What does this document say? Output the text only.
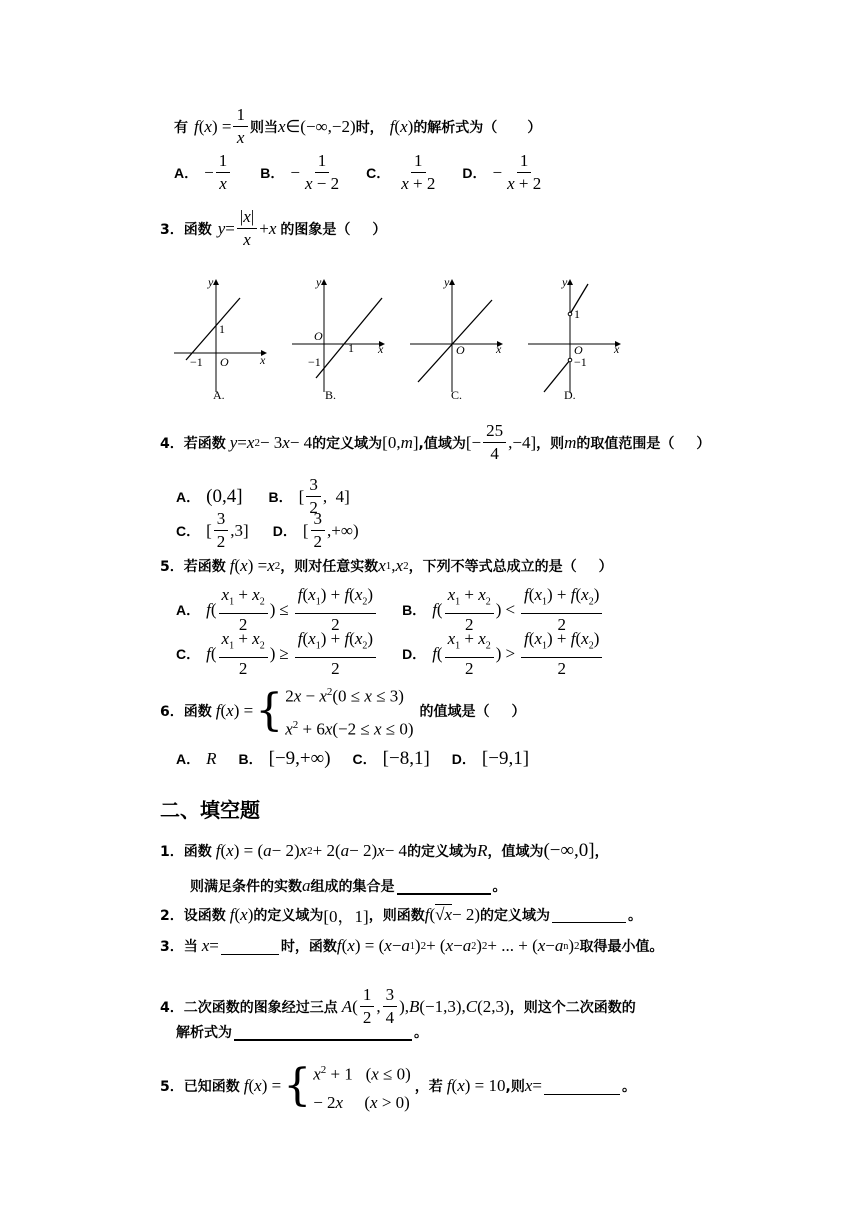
有 f ( x ) = $\frac{1}{x}$ 则当 x ∈(−∞,−2) 时， f ( x ) 的解析式为（ ）
A． − $\frac{1}{x}$ B． − $\frac{1}{x - 2}$ C． $\frac{1}{x + 2}$ D． − $\frac{1}{x + 2}$
3． 函数 $y = \frac{|x|}{x} + x$ 的图象是（ ）
y
x
1
−1 O
A.
y
x
O
1
−1
B.
y
x
O
C.
y
x
1
O
−1
D.
4． 若函数 y = x 2 − 3 x − 4 的定义域为 [0, m ] ,值域为 [− $\frac{25}{4} ,-4$] ，则 m 的取值范围是（ ）
A． (0,4] B． [ $\frac{3}{2}$ ,  4]
C． [ $\frac{3}{2} ,3$] D． [ $\frac{3}{2}$ ,+∞)
5． 若函数 f ( x ) = x 2 ，则对任意实数 x 1 , x 2 ，下列不等式总成立的是（ ）
A． f ( $\frac{x_1 + x_2}{2}$ ) ≤ $\frac{f(x_1) + f(x_2)}{2}$ B． f ( $\frac{x_1 + x_2}{2}$ ) < $\frac{f(x_1) + f(x_2)}{2}$
C． f ( $\frac{x_1 + x_2}{2}$ ) ≥ $\frac{f(x_1) + f(x_2)}{2}$ D． f ( $\frac{x_1 + x_2}{2}$ ) > $\frac{f(x_1) + f(x_2)}{2}$
6． 函数 f ( x ) = { $2x - x^2(0 \le x \le 3)$
$x^2 + 6x(-2 \le x \le 0)$
的值域是（ ）
A． R B． [−9,+∞) C． [−8,1] D． [−9,1]
二、填空题
1． 函数 f ( x ) = ( a − 2) x 2 + 2( a − 2) x − 4 的定义域为 R ，值域为 (−∞,0] ，
则满足条件的实数 a 组成的集合是	。
2． 设函数 f ( x ) 的定义域为 [0，1] ，则函数 f ( √x − 2) 的定义域为	。
3． 当 x =	时，函数 f ( x ) = ( x − a 1 ) 2 + ( x − a 2 ) 2 + ... + ( x − a n ) 2 取得最小值。
4． 二次函数的图象经过三点 A ( $\frac{1}{2}$ , $\frac{3}{4}$ ), B (−1,3), C (2,3) ，则这个二次函数的
解析式为	。
5． 已知函数 f ( x ) = { $x^2 + 1$   (x ≤ 0)
− 2x     (x > 0)
，若 f ( x ) = 10 ,则 x =	。
